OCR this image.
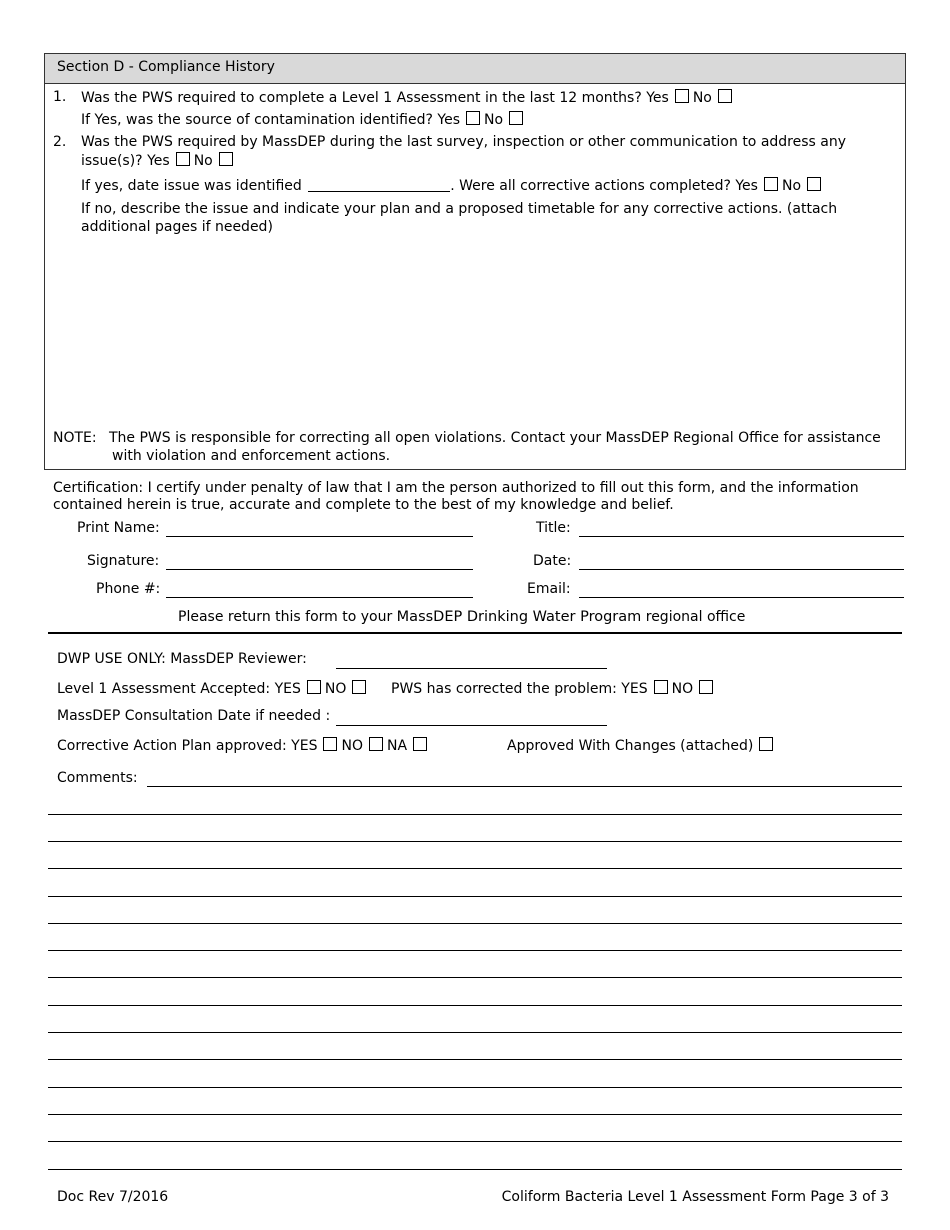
Section D - Compliance History
1. Was the PWS required to complete a Level 1 Assessment in the last 12 months? Yes No
If Yes, was the source of contamination identified? Yes No
2. Was the PWS required by MassDEP during the last survey, inspection or other communication to address any
issue(s)? Yes No
If yes, date issue was identified	. Were all corrective actions completed? Yes No
If no, describe the issue and indicate your plan and a proposed timetable for any corrective actions. (attach additional pages if needed)
NOTE: The PWS is responsible for correcting all open violations. Contact your MassDEP Regional Office for assistance
with violation and enforcement actions.
Certification: I certify under penalty of law that I am the person authorized to fill out this form, and the information
contained herein is true, accurate and complete to the best of my knowledge and belief.
Print Name:	Title:
Signature:	Date:
Phone #:	Email:
Please return this form to your MassDEP Drinking Water Program regional office
DWP USE ONLY: MassDEP Reviewer:
Level 1 Assessment Accepted: YES NO	PWS has corrected the problem: YES NO
MassDEP Consultation Date if needed :
Corrective Action Plan approved: YES NO NA	Approved With Changes (attached)
Comments:
Doc Rev 7/2016	Coliform Bacteria Level 1 Assessment Form Page 3 of 3
